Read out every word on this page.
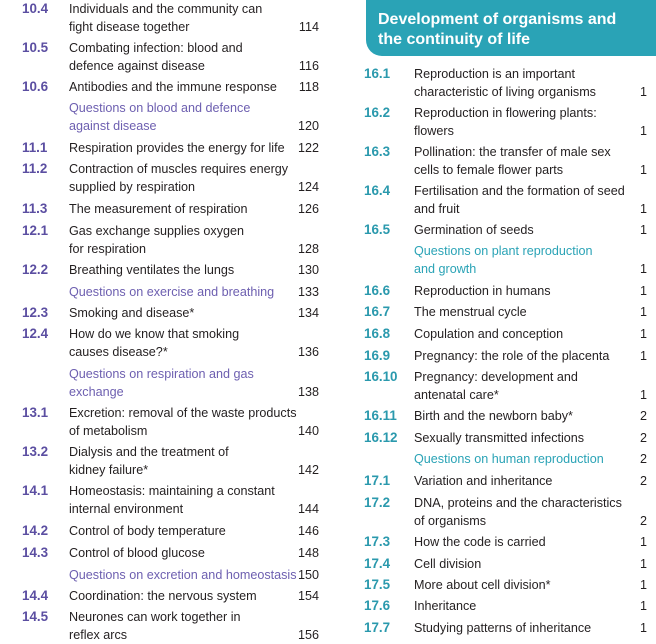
10.4 Individuals and the community can
fight disease together	114
10.5 Combating infection: blood and
defence against disease	116
10.6 Antibodies and the immune response	118
Questions on blood and defence
against disease	120
11.1 Respiration provides the energy for life	122
11.2 Contraction of muscles requires energy
supplied by respiration	124
11.3 The measurement of respiration	126
12.1 Gas exchange supplies oxygen
for respiration	128
12.2 Breathing ventilates the lungs	130
Questions on exercise and breathing	133
12.3 Smoking and disease*	134
12.4 How do we know that smoking
causes disease?*	136
Questions on respiration and gas
exchange	138
13.1 Excretion: removal of the waste products
of metabolism	140
13.2 Dialysis and the treatment of
kidney failure*	142
14.1 Homeostasis: maintaining a constant
internal environment	144
14.2 Control of body temperature	146
14.3 Control of blood glucose	148
Questions on excretion and homeostasis 150
14.4 Coordination: the nervous system	154
14.5 Neurones can work together in
reflex arcs	156
Development of organisms and
the continuity of life
16.1 Reproduction is an important
characteristic of living organisms	1
16.2 Reproduction in flowering plants:
flowers	1
16.3 Pollination: the transfer of male sex
cells to female flower parts	1
16.4 Fertilisation and the formation of seed
and fruit	1
16.5 Germination of seeds	1
Questions on plant reproduction
and growth	1
16.6 Reproduction in humans	1
16.7 The menstrual cycle	1
16.8 Copulation and conception	1
16.9 Pregnancy: the role of the placenta	1
16.10 Pregnancy: development and
antenatal care*	1
16.11 Birth and the newborn baby*	2
16.12 Sexually transmitted infections	2
Questions on human reproduction	2
17.1 Variation and inheritance	2
17.2 DNA, proteins and the characteristics
of organisms	2
17.3 How the code is carried	1
17.4 Cell division	1
17.5 More about cell division*	1
17.6 Inheritance	1
17.7 Studying patterns of inheritance	1
